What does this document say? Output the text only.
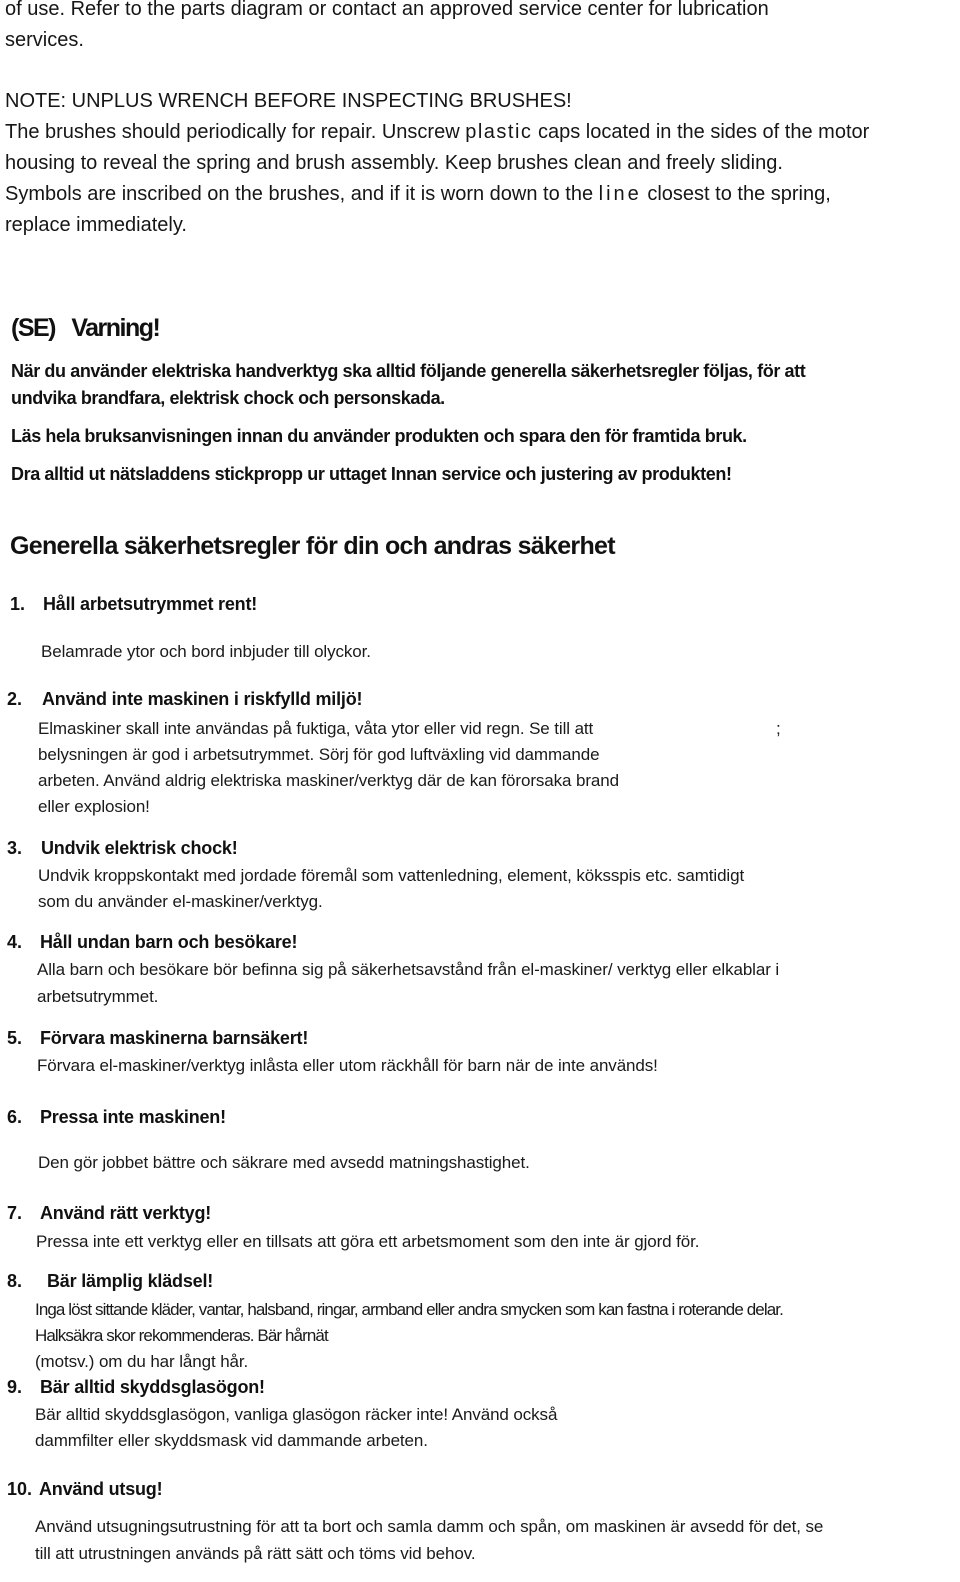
of use. Refer to the parts diagram or contact an approved service center for lubrication
services.
NOTE: UNPLUS WRENCH BEFORE INSPECTING BRUSHES!
The brushes should periodically for repair. Unscrew plastic caps located in the sides of the motor
housing to reveal the spring and brush assembly. Keep brushes clean and freely sliding.
Symbols are inscribed on the brushes, and if it is worn down to the line closest to the spring,
replace immediately.
(SE)   Varning!
När du använder elektriska handverktyg ska alltid följande generella säkerhetsregler följas, för att
undvika brandfara, elektrisk chock och personskada.
Läs hela bruksanvisningen innan du använder produkten och spara den för framtida bruk.
Dra alltid ut nätsladdens stickpropp ur uttaget Innan service och justering av produkten!
Generella säkerhetsregler för din och andras säkerhet
1. Håll arbetsutrymmet rent!
Belamrade ytor och bord inbjuder till olyckor.
2. Använd inte maskinen i riskfylld miljö!
Elmaskiner skall inte användas på fuktiga, våta ytor eller vid regn. Se till att	;
belysningen är god i arbetsutrymmet. Sörj för god luftväxling vid dammande
arbeten. Använd aldrig elektriska maskiner/verktyg där de kan förorsaka brand
eller explosion!
3. Undvik elektrisk chock!
Undvik kroppskontakt med jordade föremål som vattenledning, element, köksspis etc. samtidigt
som du använder el-maskiner/verktyg.
4. Håll undan barn och besökare!
Alla barn och besökare bör befinna sig på säkerhetsavstånd från el-maskiner/ verktyg eller elkablar i
arbetsutrymmet.
5. Förvara maskinerna barnsäkert!
Förvara el-maskiner/verktyg inlåsta eller utom räckhåll för barn när de inte används!
6. Pressa inte maskinen!
Den gör jobbet bättre och säkrare med avsedd matningshastighet.
7. Använd rätt verktyg!
Pressa inte ett verktyg eller en tillsats att göra ett arbetsmoment som den inte är gjord för.
8. Bär lämplig klädsel!
Inga löst sittande kläder, vantar, halsband, ringar, armband eller andra smycken som kan fastna i roterande delar.
Halksäkra skor rekommenderas. Bär hårnät
(motsv.) om du har långt hår.
9. Bär alltid skyddsglasögon!
Bär alltid skyddsglasögon, vanliga glasögon räcker inte! Använd också
dammfilter eller skyddsmask vid dammande arbeten.
10. Använd utsug!
Använd utsugningsutrustning för att ta bort och samla damm och spån, om maskinen är avsedd för det, se
till att utrustningen används på rätt sätt och töms vid behov.
